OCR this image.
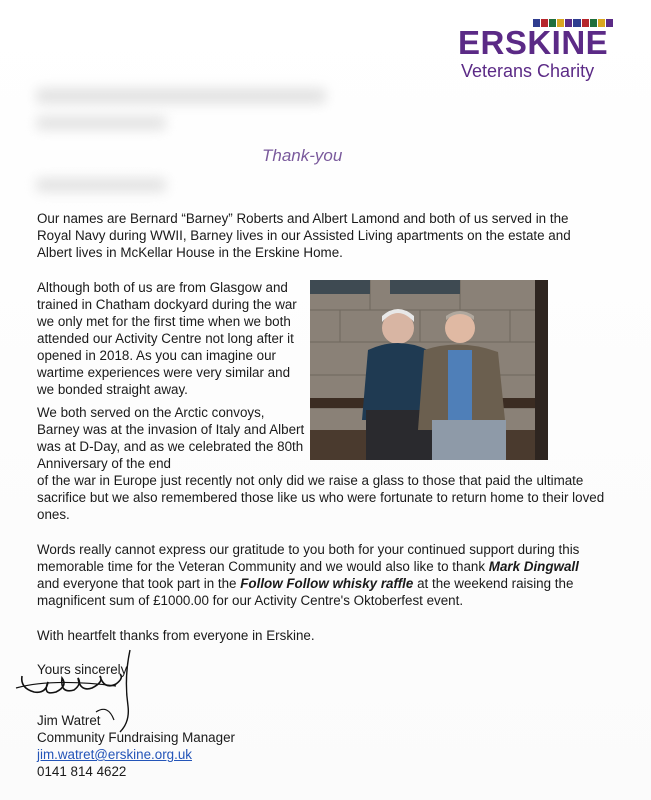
ERSKINE
Veterans Charity
Thank-you

Our names are Bernard “Barney” Roberts and Albert Lamond and both of us served in the Royal Navy during WWII, Barney lives in our Assisted Living apartments on the estate and Albert lives in McKellar House in the Erskine Home.

Although both of us are from Glasgow and trained in Chatham dockyard during the war we only met for the first time when we both attended our Activity Centre not long after it opened in 2018. As you can imagine our wartime experiences were very similar and we bonded straight away.

We both served on the Arctic convoys, Barney was at the invasion of Italy and Albert was at D-Day, and as we celebrated the 80th Anniversary of the end

of the war in Europe just recently not only did we raise a glass to those that paid the ultimate sacrifice but we also remembered those like us who were fortunate to return home to their loved ones.

Words really cannot express our gratitude to you both for your continued support during this memorable time for the Veteran Community and we would also like to thank Mark Dingwall and everyone that took part in the Follow Follow whisky raffle at the weekend raising the magnificent sum of £1000.00 for our Activity Centre's Oktoberfest event.

With heartfelt thanks from everyone in Erskine.

Yours sincerely

Jim Watret

Community Fundraising Manager

jim.watret@erskine.org.uk

0141 814 4622
